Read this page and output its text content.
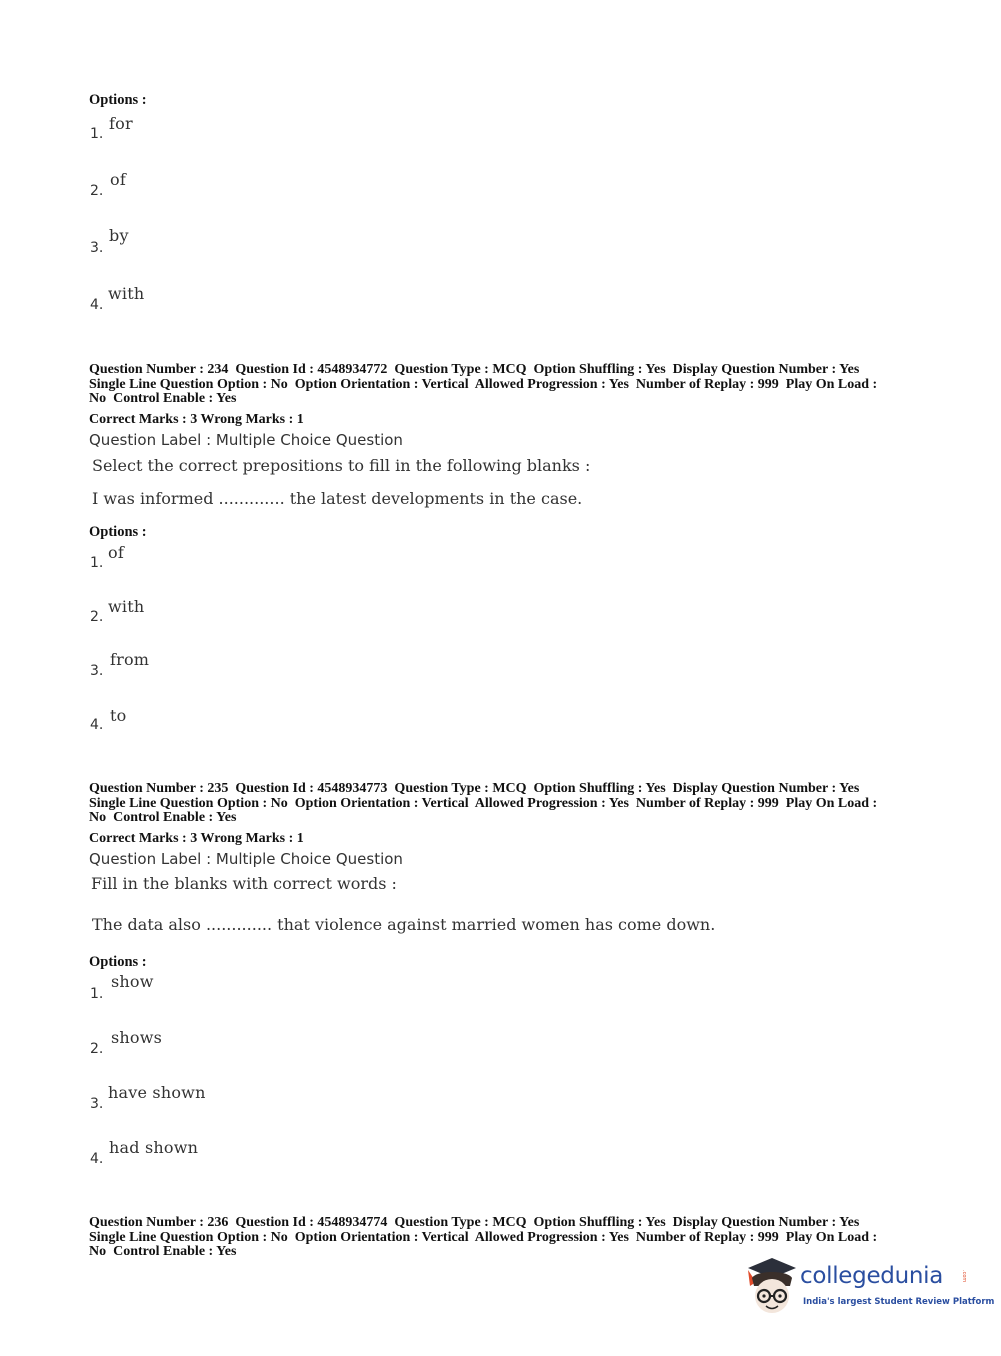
Options :

1.
for
2.
of
3.
by
4.
with

Question Number : 234  Question Id : 4548934772  Question Type : MCQ  Option Shuffling : Yes  Display Question Number : Yes
Single Line Question Option : No  Option Orientation : Vertical  Allowed Progression : Yes  Number of Replay : 999  Play On Load :
No  Control Enable : Yes

Correct Marks : 3 Wrong Marks : 1

Question Label : Multiple Choice Question

Select the correct prepositions to fill in the following blanks :

I was informed ............. the latest developments in the case.

Options :

1.
of
2.
with
3.
from
4. to

Question Number : 235  Question Id : 4548934773  Question Type : MCQ  Option Shuffling : Yes  Display Question Number : Yes
Single Line Question Option : No  Option Orientation : Vertical  Allowed Progression : Yes  Number of Replay : 999  Play On Load :
No  Control Enable : Yes

Correct Marks : 3 Wrong Marks : 1

Question Label : Multiple Choice Question

Fill in the blanks with correct words :

The data also ............. that violence against married women has come down.

Options :

1.
show
2.
shows
3.
have shown
4.
had shown

Question Number : 236  Question Id : 4548934774  Question Type : MCQ  Option Shuffling : Yes  Display Question Number : Yes
Single Line Question Option : No  Option Orientation : Vertical  Allowed Progression : Yes  Number of Replay : 999  Play On Load :
No  Control Enable : Yes

collegedunia	.com
India's largest Student Review Platform
